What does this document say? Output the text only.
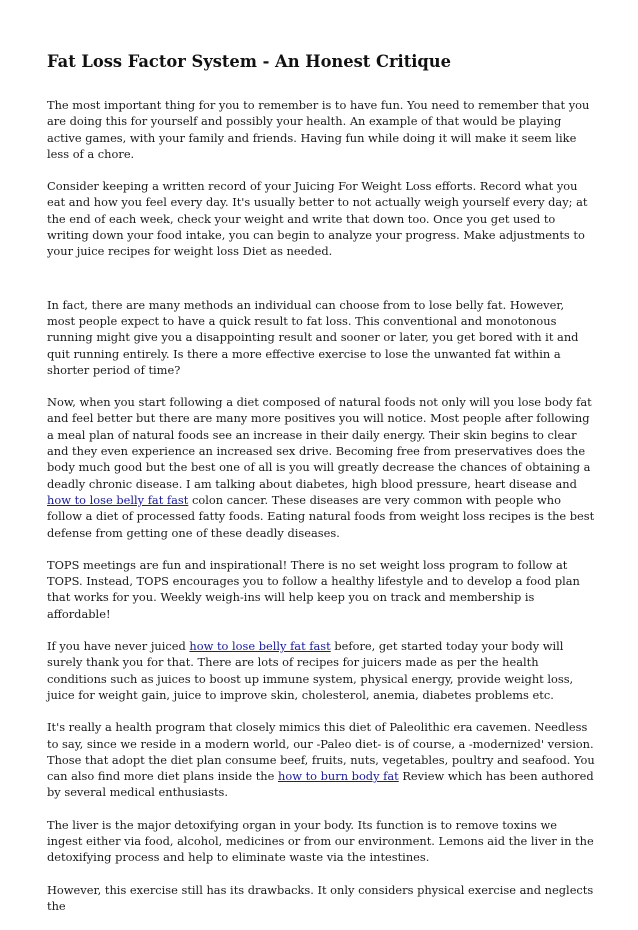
Fat Loss Factor System - An Honest Critique

The most important thing for you to remember is to have fun. You need to remember that you are doing this for yourself and possibly your health. An example of that would be playing active games, with your family and friends. Having fun while doing it will make it seem like less of a chore.

Consider keeping a written record of your Juicing For Weight Loss efforts. Record what you eat and how you feel every day. It's usually better to not actually weigh yourself every day; at the end of each week, check your weight and write that down too. Once you get used to writing down your food intake, you can begin to analyze your progress. Make adjustments to your juice recipes for weight loss Diet as needed.

In fact, there are many methods an individual can choose from to lose belly fat. However, most people expect to have a quick result to fat loss. This conventional and monotonous running might give you a disappointing result and sooner or later, you get bored with it and quit running entirely. Is there a more effective exercise to lose the unwanted fat within a shorter period of time?

Now, when you start following a diet composed of natural foods not only will you lose body fat and feel better but there are many more positives you will notice. Most people after following a meal plan of natural foods see an increase in their daily energy. Their skin begins to clear and they even experience an increased sex drive. Becoming free from preservatives does the body much good but the best one of all is you will greatly decrease the chances of obtaining a deadly chronic disease. I am talking about diabetes, high blood pressure, heart disease and how to lose belly fat fast colon cancer. These diseases are very common with people who follow a diet of processed fatty foods. Eating natural foods from weight loss recipes is the best defense from getting one of these deadly diseases.

TOPS meetings are fun and inspirational! There is no set weight loss program to follow at TOPS. Instead, TOPS encourages you to follow a healthy lifestyle and to develop a food plan that works for you. Weekly weigh-ins will help keep you on track and membership is affordable!

If you have never juiced how to lose belly fat fast before, get started today your body will surely thank you for that. There are lots of recipes for juicers made as per the health conditions such as juices to boost up immune system, physical energy, provide weight loss, juice for weight gain, juice to improve skin, cholesterol, anemia, diabetes problems etc.

It's really a health program that closely mimics this diet of Paleolithic era cavemen. Needless to say, since we reside in a modern world, our -Paleo diet- is of course, a -modernized' version. Those that adopt the diet plan consume beef, fruits, nuts, vegetables, poultry and seafood. You can also find more diet plans inside the how to burn body fat Review which has been authored by several medical enthusiasts.

The liver is the major detoxifying organ in your body. Its function is to remove toxins we ingest either via food, alcohol, medicines or from our environment. Lemons aid the liver in the detoxifying process and help to eliminate waste via the intestines.

However, this exercise still has its drawbacks. It only considers physical exercise and neglects the
